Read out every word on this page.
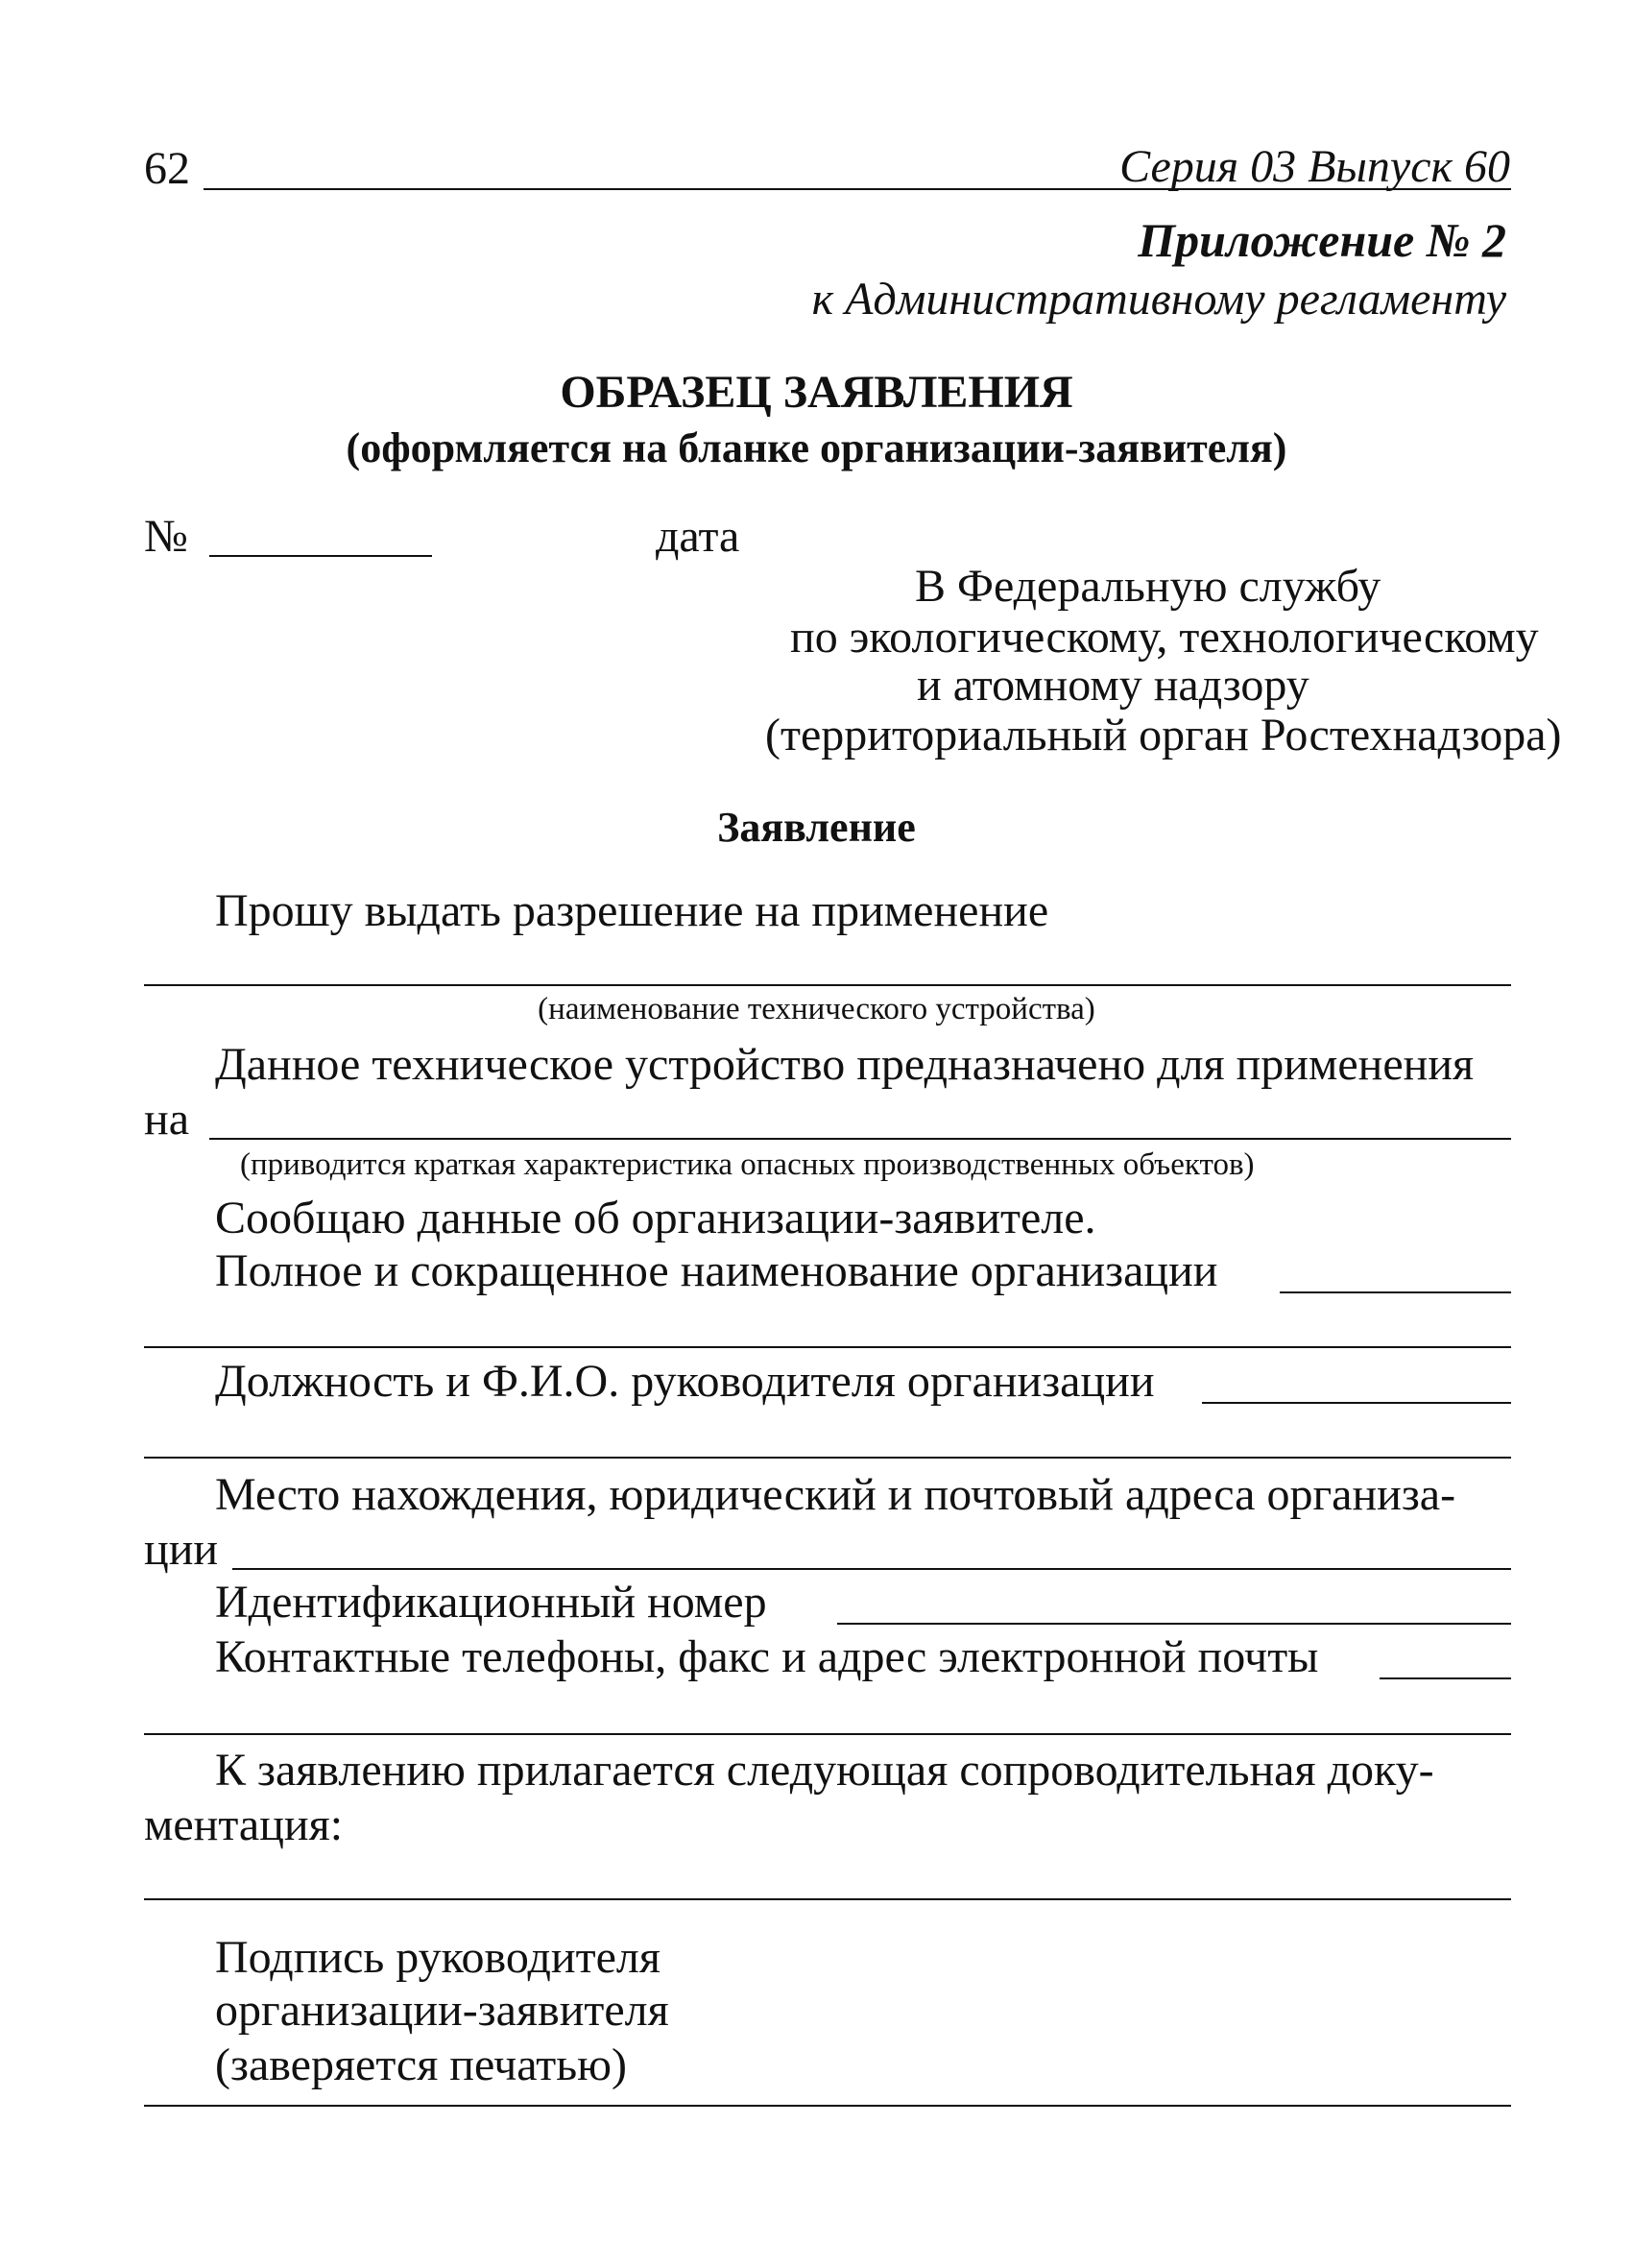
62	Серия 03 Выпуск 60
Приложение № 2
к Административному регламенту
ОБРАЗЕЦ ЗАЯВЛЕНИЯ
(оформляется на бланке организации-заявителя)
№	дата
В Федеральную службу
по экологическому, технологическому
и атомному надзору
(территориальный орган Ростехнадзора)
Заявление
Прошу выдать разрешение на применение
(наименование технического устройства)
Данное техническое устройство предназначено для применения
на
(приводится краткая характеристика опасных производственных объектов)
Сообщаю данные об организации-заявителе.
Полное и сокращенное наименование организации
Должность и Ф.И.О. руководителя организации
Место нахождения, юридический и почтовый адреса организа-
ции
Идентификационный номер
Контактные телефоны, факс и адрес электронной почты
К заявлению прилагается следующая сопроводительная доку-
ментация:
Подпись руководителя
организации-заявителя
(заверяется печатью)
